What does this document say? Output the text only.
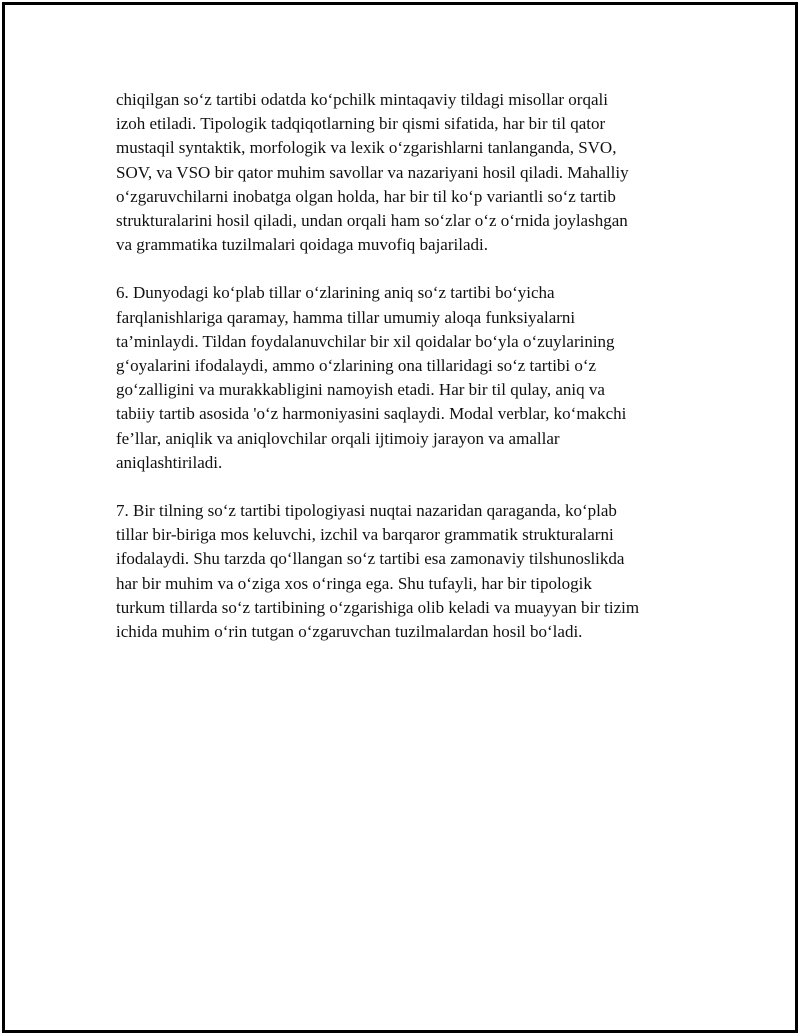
chiqilgan so‘z tartibi odatda ko‘pchilk mintaqaviy tildagi misollar orqali
izoh etiladi. Tipologik tadqiqotlarning bir qismi sifatida, har bir til qator
mustaqil syntaktik, morfologik va lexik o‘zgarishlarni tanlanganda, SVO,
SOV, va VSO bir qator muhim savollar va nazariyani hosil qiladi. Mahalliy
o‘zgaruvchilarni inobatga olgan holda, har bir til ko‘p variantli so‘z tartib
strukturalarini hosil qiladi, undan orqali ham so‘zlar o‘z o‘rnida joylashgan
va grammatika tuzilmalari qoidaga muvofiq bajariladi.

6. Dunyodagi ko‘plab tillar o‘zlarining aniq so‘z tartibi bo‘yicha
farqlanishlariga qaramay, hamma tillar umumiy aloqa funksiyalarni
ta’minlaydi. Tildan foydalanuvchilar bir xil qoidalar bo‘yla o‘zuylarining
g‘oyalarini ifodalaydi, ammo o‘zlarining ona tillaridagi so‘z tartibi o‘z
go‘zalligini va murakkabligini namoyish etadi. Har bir til qulay, aniq va
tabiiy tartib asosida 'o‘z harmoniyasini saqlaydi. Modal verblar, ko‘makchi
fe’llar, aniqlik va aniqlovchilar orqali ijtimoiy jarayon va amallar
aniqlashtiriladi.

7. Bir tilning so‘z tartibi tipologiyasi nuqtai nazaridan qaraganda, ko‘plab
tillar bir-biriga mos keluvchi, izchil va barqaror grammatik strukturalarni
ifodalaydi. Shu tarzda qo‘llangan so‘z tartibi esa zamonaviy tilshunoslikda
har bir muhim va o‘ziga xos o‘ringa ega. Shu tufayli, har bir tipologik
turkum tillarda so‘z tartibining o‘zgarishiga olib keladi va muayyan bir tizim
ichida muhim o‘rin tutgan o‘zgaruvchan tuzilmalardan hosil bo‘ladi.
